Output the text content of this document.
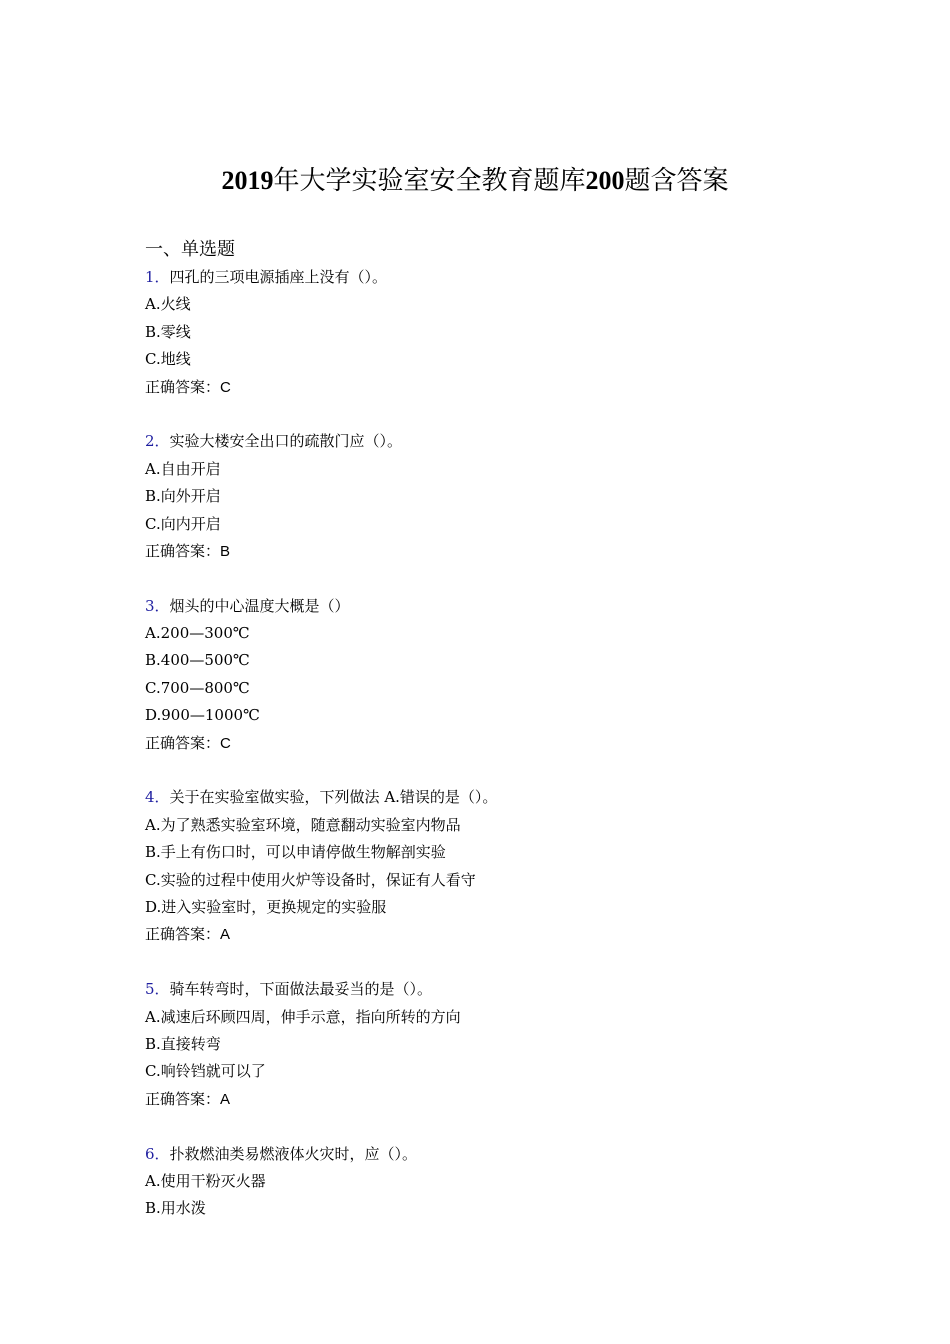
2019年大学实验室安全教育题库200题含答案
一、单选题
1．四孔的三项电源插座上没有（）。
A.火线
B.零线
C.地线
正确答案：C
2．实验大楼安全出口的疏散门应（）。
A.自由开启
B.向外开启
C.向内开启
正确答案：B
3．烟头的中心温度大概是（）
A.200—300℃
B.400—500℃
C.700—800℃
D.900—1000℃
正确答案：C
4．关于在实验室做实验，下列做法 A.错误的是（）。
A.为了熟悉实验室环境，随意翻动实验室内物品
B.手上有伤口时，可以申请停做生物解剖实验
C.实验的过程中使用火炉等设备时，保证有人看守
D.进入实验室时，更换规定的实验服
正确答案：A
5．骑车转弯时，下面做法最妥当的是（）。
A.减速后环顾四周，伸手示意，指向所转的方向
B.直接转弯
C.响铃铛就可以了
正确答案：A
6．扑救燃油类易燃液体火灾时，应（）。
A.使用干粉灭火器
B.用水泼
